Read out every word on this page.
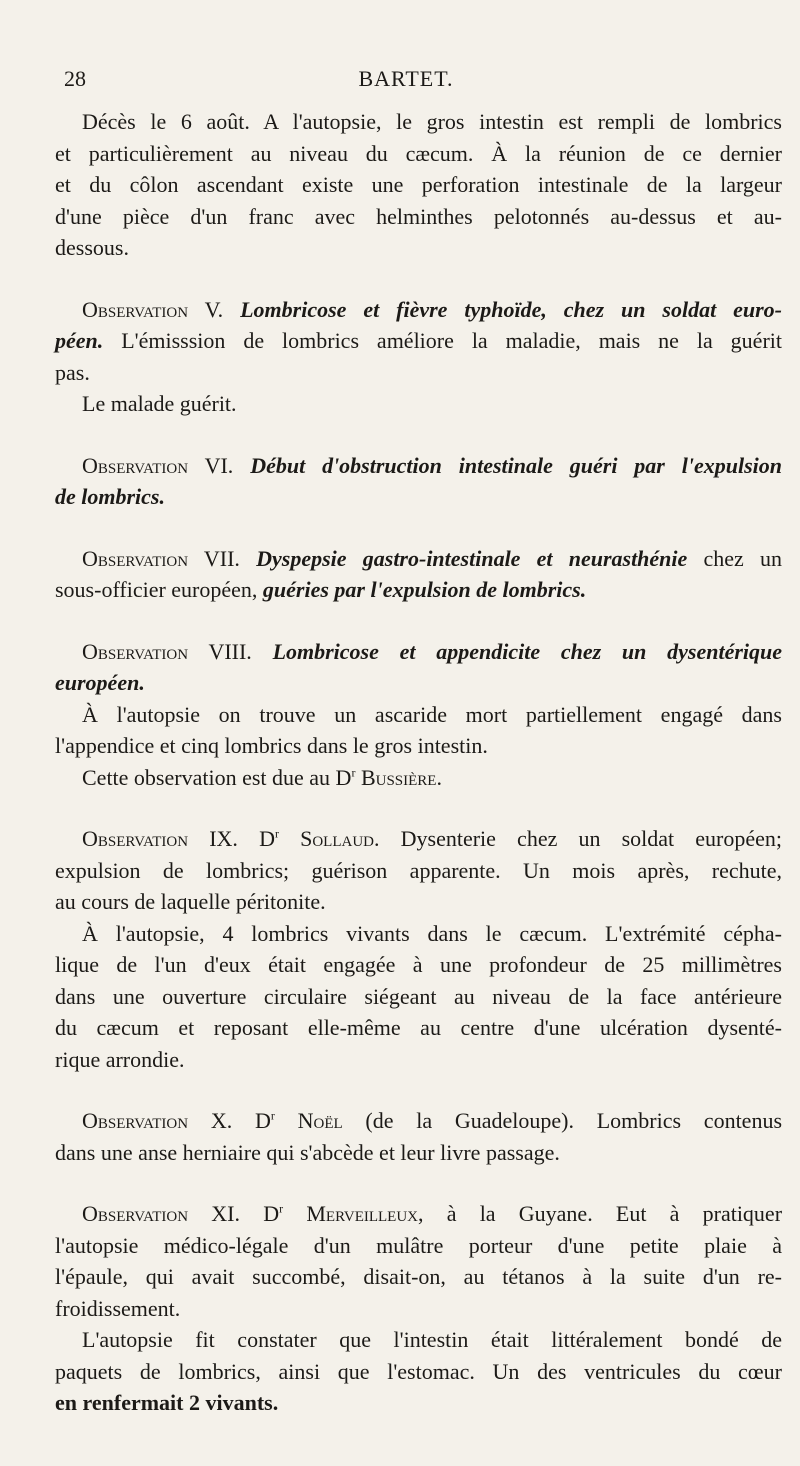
28	BARTET.
Décès le 6 août. A l'autopsie, le gros intestin est rempli de lombrics
et particulièrement au niveau du cæcum. À la réunion de ce dernier
et du côlon ascendant existe une perforation intestinale de la largeur
d'une pièce d'un franc avec helminthes pelotonnés au-dessus et au-
dessous.
Observation V. Lombricose et fièvre typhoïde, chez un soldat euro-
péen. L'émisssion de lombrics améliore la maladie, mais ne la guérit
pas.
Le malade guérit.
Observation VI. Début d'obstruction intestinale guéri par l'expulsion
de lombrics.
Observation VII. Dyspepsie gastro-intestinale et neurasthénie chez un
sous-officier européen, guéries par l'expulsion de lombrics.
Observation VIII. Lombricose et appendicite chez un dysentérique
européen.
À l'autopsie on trouve un ascaride mort partiellement engagé dans
l'appendice et cinq lombrics dans le gros intestin.
Cette observation est due au $D^r$ Bussière.
Observation IX. $D^r$ Sollaud. Dysenterie chez un soldat européen;
expulsion de lombrics; guérison apparente. Un mois après, rechute,
au cours de laquelle péritonite.
À l'autopsie, 4 lombrics vivants dans le cæcum. L'extrémité cépha-
lique de l'un d'eux était engagée à une profondeur de 25 millimètres
dans une ouverture circulaire siégeant au niveau de la face antérieure
du cæcum et reposant elle-même au centre d'une ulcération dysenté-
rique arrondie.
Observation X. $D^r$ Noël (de la Guadeloupe). Lombrics contenus
dans une anse herniaire qui s'abcède et leur livre passage.
Observation XI. $D^r$ Merveilleux, à la Guyane. Eut à pratiquer
l'autopsie médico-légale d'un mulâtre porteur d'une petite plaie à
l'épaule, qui avait succombé, disait-on, au tétanos à la suite d'un re-
froidissement.
L'autopsie fit constater que l'intestin était littéralement bondé de
paquets de lombrics, ainsi que l'estomac. Un des ventricules du cœur
en renfermait 2 vivants.
